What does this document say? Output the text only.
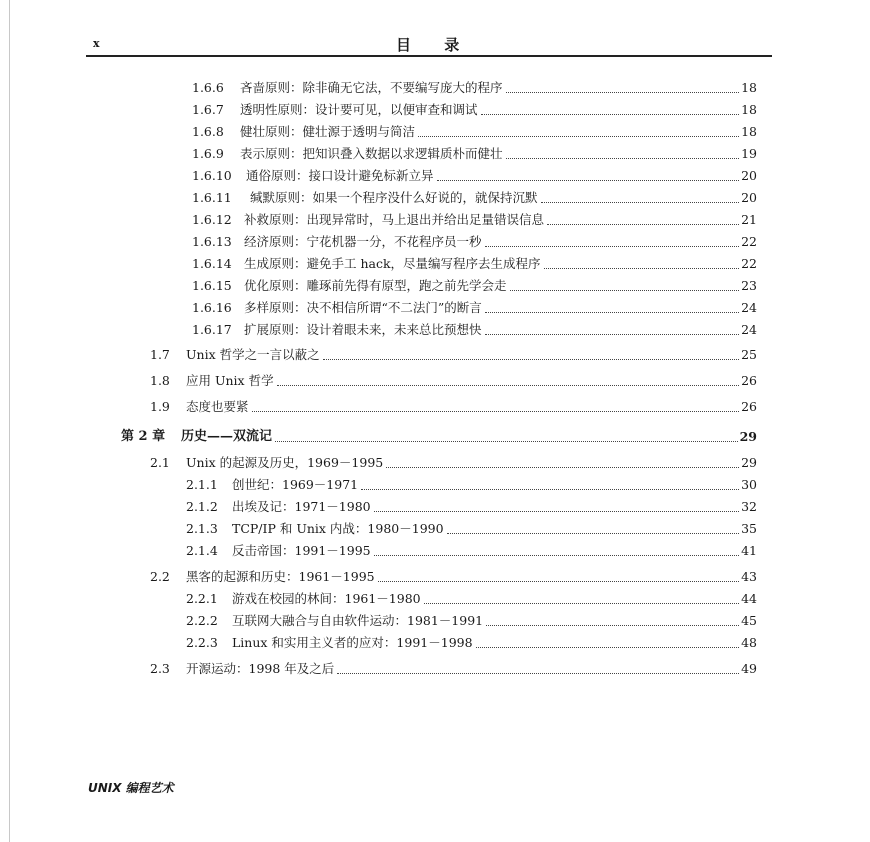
x	目 录
1.6.6	吝啬原则：除非确无它法，不要编写庞大的程序	18
1.6.7	透明性原则：设计要可见，以便审查和调试	18
1.6.8	健壮原则：健壮源于透明与简洁	18
1.6.9	表示原则：把知识叠入数据以求逻辑质朴而健壮	19
1.6.10	通俗原则：接口设计避免标新立异	20
1.6.11	缄默原则：如果一个程序没什么好说的，就保持沉默	20
1.6.12 补救原则：出现异常时，马上退出并给出足量错误信息	21
1.6.13 经济原则：宁花机器一分，不花程序员一秒	22
1.6.14 生成原则：避免手工 hack，尽量编写程序去生成程序	22
1.6.15 优化原则：雕琢前先得有原型，跑之前先学会走	23
1.6.16 多样原则：决不相信所谓“不二法门”的断言	24
1.6.17 扩展原则：设计着眼未来，未来总比预想快	24
1.7	Unix 哲学之一言以蔽之	25
1.8	应用 Unix 哲学	26
1.9	态度也要紧	26
第 2 章	历史——双流记	29
2.1	Unix 的起源及历史，1969－1995	29
2.1.1	创世纪：1969－1971	30
2.1.2	出埃及记：1971－1980	32
2.1.3	TCP/IP 和 Unix 内战：1980－1990	35
2.1.4	反击帝国：1991－1995	41
2.2	黑客的起源和历史：1961－1995	43
2.2.1	游戏在校园的林间：1961－1980	44
2.2.2	互联网大融合与自由软件运动：1981－1991	45
2.2.3	Linux 和实用主义者的应对：1991－1998	48
2.3	开源运动：1998 年及之后	49
UNIX 编程艺术
